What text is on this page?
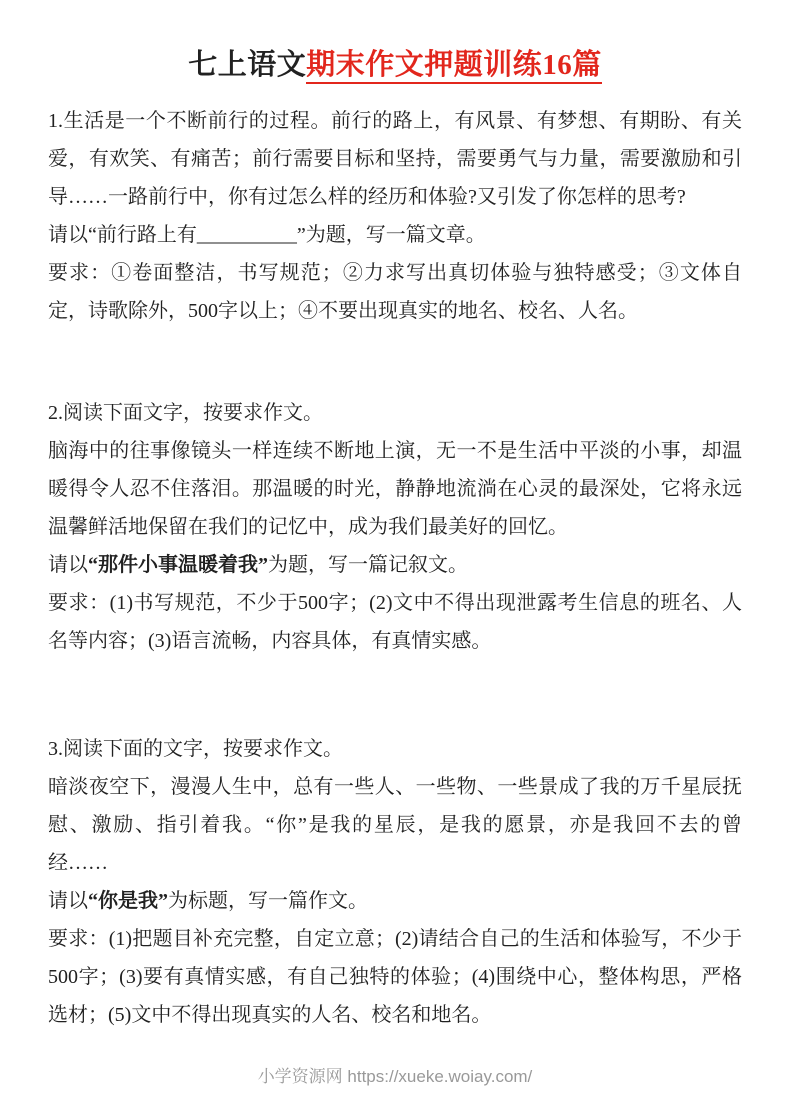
七上语文期末作文押题训练16篇

1.生活是一个不断前行的过程。前行的路上，有风景、有梦想、有期盼、有关爱，有欢笑、有痛苦；前行需要目标和坚持，需要勇气与力量，需要激励和引导……一路前行中，你有过怎么样的经历和体验?又引发了你怎样的思考?

请以“前行路上有__________”为题，写一篇文章。

要求：①卷面整洁，书写规范；②力求写出真切体验与独特感受；③文体自定，诗歌除外，500字以上；④不要出现真实的地名、校名、人名。

2.阅读下面文字，按要求作文。

脑海中的往事像镜头一样连续不断地上演，无一不是生活中平淡的小事，却温暖得令人忍不住落泪。那温暖的时光，静静地流淌在心灵的最深处，它将永远温馨鲜活地保留在我们的记忆中，成为我们最美好的回忆。

请以“那件小事温暖着我”为题，写一篇记叙文。

要求：(1)书写规范，不少于500字；(2)文中不得出现泄露考生信息的班名、人名等内容；(3)语言流畅，内容具体，有真情实感。

3.阅读下面的文字，按要求作文。

暗淡夜空下，漫漫人生中，总有一些人、一些物、一些景成了我的万千星辰抚慰、激励、指引着我。“你”是我的星辰，是我的愿景，亦是我回不去的曾经……

请以“你是我”为标题，写一篇作文。

要求：(1)把题目补充完整，自定立意；(2)请结合自己的生活和体验写，不少于500字；(3)要有真情实感，有自己独特的体验；(4)围绕中心，整体构思，严格选材；(5)文中不得出现真实的人名、校名和地名。

小学资源网 https://xueke.woiay.com/
